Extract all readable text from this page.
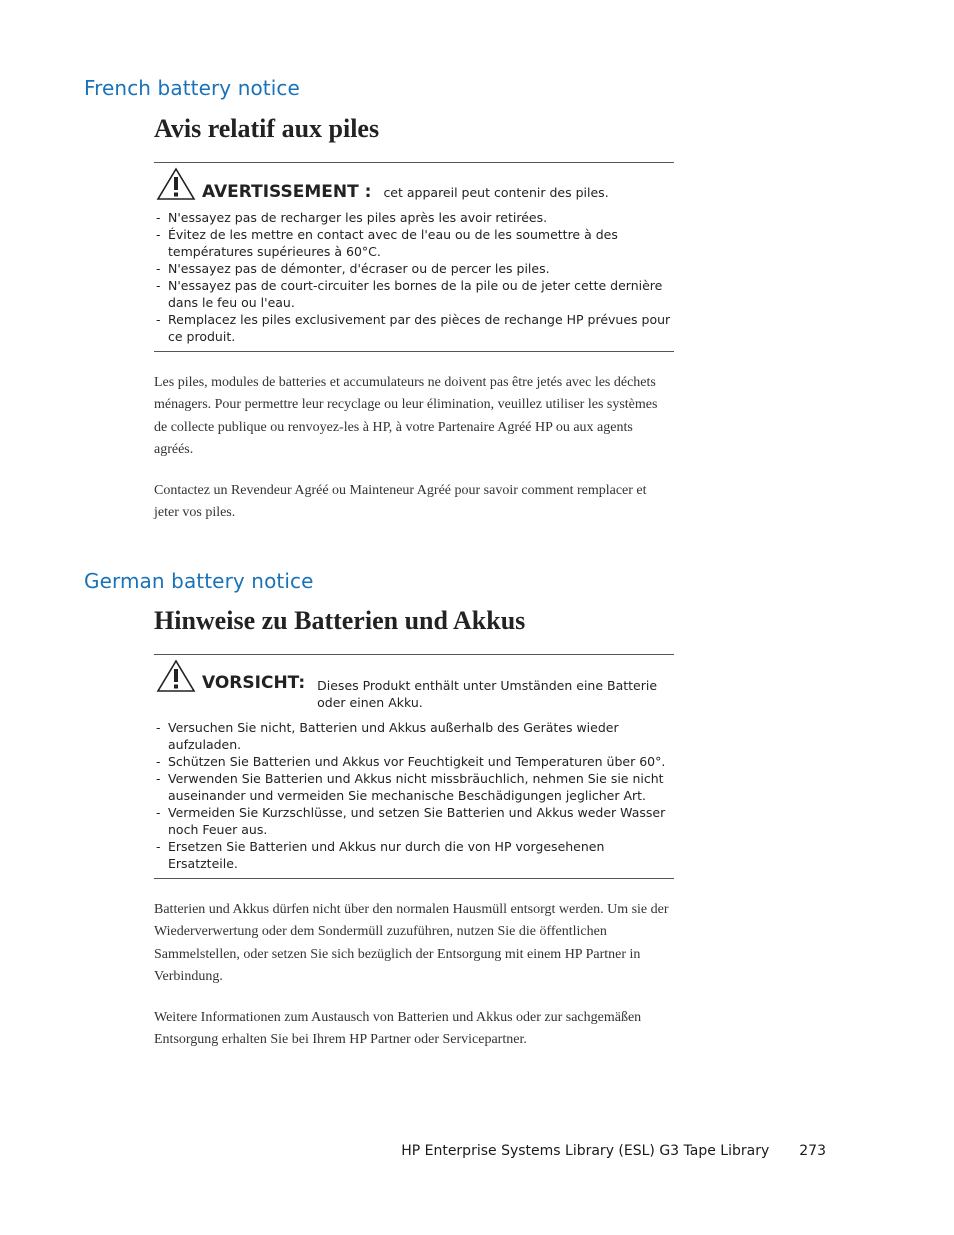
French battery notice
Avis relatif aux piles
AVERTISSEMENT : cet appareil peut contenir des piles.
- N'essayez pas de recharger les piles après les avoir retirées.
- Évitez de les mettre en contact avec de l'eau ou de les soumettre à des températures supérieures à 60°C.
- N'essayez pas de démonter, d'écraser ou de percer les piles.
- N'essayez pas de court-circuiter les bornes de la pile ou de jeter cette dernière dans le feu ou l'eau.
- Remplacez les piles exclusivement par des pièces de rechange HP prévues pour ce produit.

Les piles, modules de batteries et accumulateurs ne doivent pas être jetés avec les déchets ménagers. Pour permettre leur recyclage ou leur élimination, veuillez utiliser les systèmes de collecte publique ou renvoyez-les à HP, à votre Partenaire Agréé HP ou aux agents agréés.

Contactez un Revendeur Agréé ou Mainteneur Agréé pour savoir comment remplacer et jeter vos piles.

German battery notice
Hinweise zu Batterien und Akkus
VORSICHT: Dieses Produkt enthält unter Umständen eine Batterie oder einen Akku.
- Versuchen Sie nicht, Batterien und Akkus außerhalb des Gerätes wieder aufzuladen.
- Schützen Sie Batterien und Akkus vor Feuchtigkeit und Temperaturen über 60°.
- Verwenden Sie Batterien und Akkus nicht missbräuchlich, nehmen Sie sie nicht auseinander und vermeiden Sie mechanische Beschädigungen jeglicher Art.
- Vermeiden Sie Kurzschlüsse, und setzen Sie Batterien und Akkus weder Wasser noch Feuer aus.
- Ersetzen Sie Batterien und Akkus nur durch die von HP vorgesehenen Ersatzteile.

Batterien und Akkus dürfen nicht über den normalen Hausmüll entsorgt werden. Um sie der Wiederverwertung oder dem Sondermüll zuzuführen, nutzen Sie die öffentlichen Sammelstellen, oder setzen Sie sich bezüglich der Entsorgung mit einem HP Partner in Verbindung.

Weitere Informationen zum Austausch von Batterien und Akkus oder zur sachgemäßen Entsorgung erhalten Sie bei Ihrem HP Partner oder Servicepartner.

HP Enterprise Systems Library (ESL) G3 Tape Library 273
